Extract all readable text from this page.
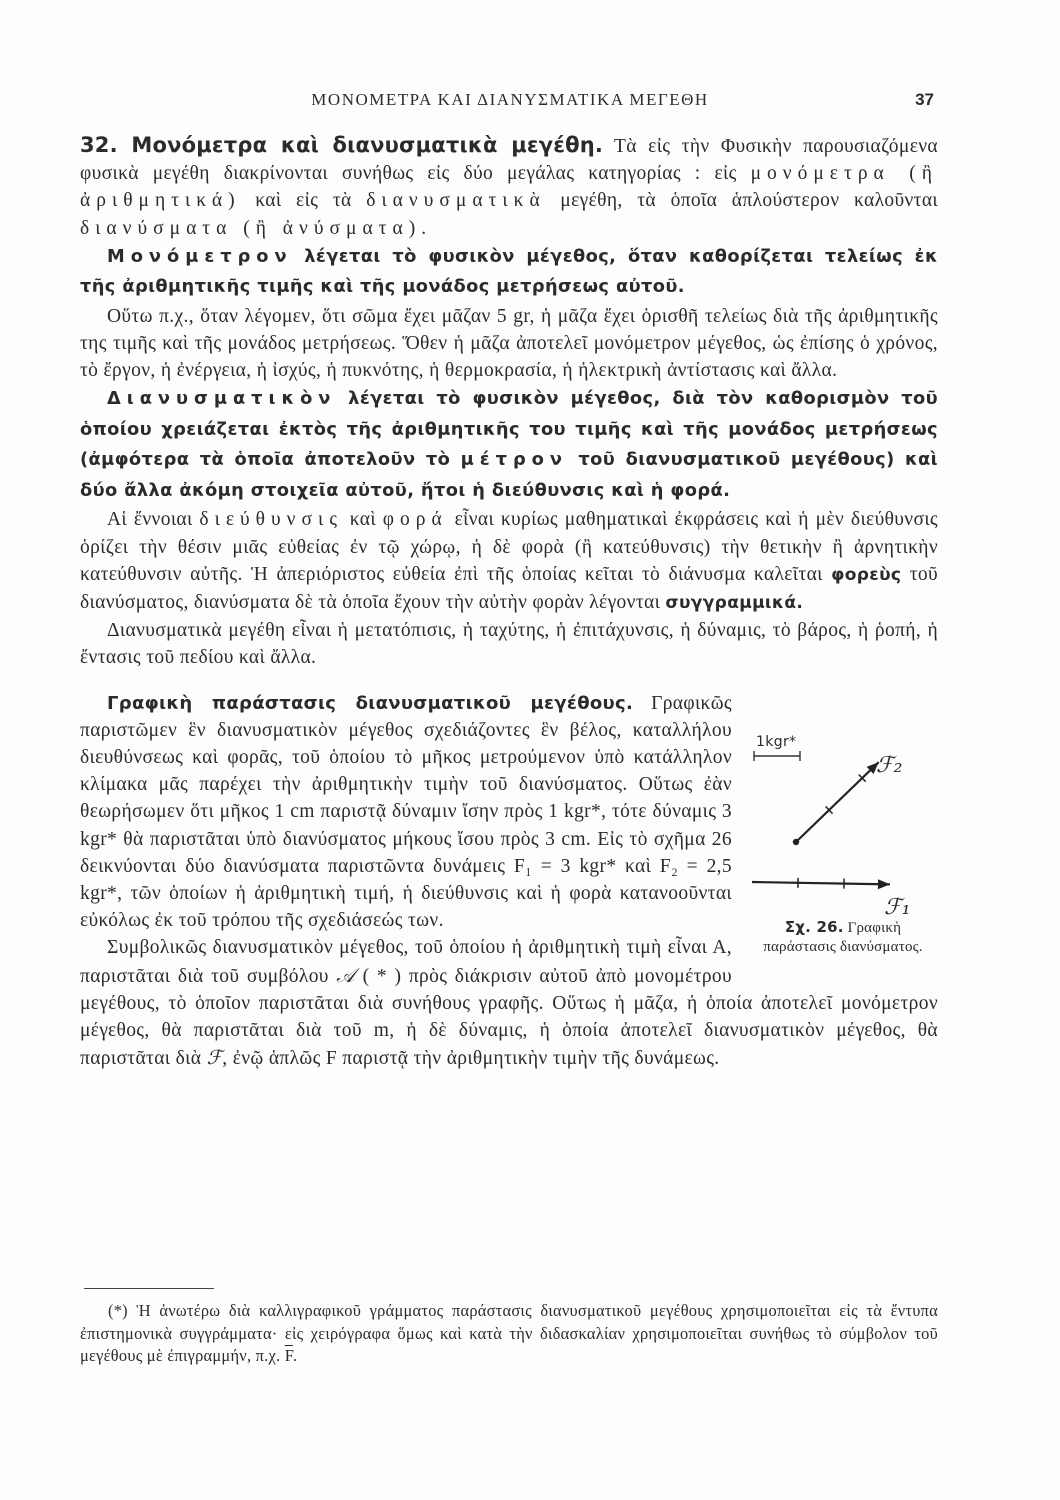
ΜΟΝΟΜΕΤΡΑ ΚΑΙ ΔΙΑΝΥΣΜΑΤΙΚΑ ΜΕΓΕΘΗ	37

32. Μονόμετρα καὶ διανυσματικὰ μεγέθη. Τὰ εἰς τὴν Φυσικὴν παρουσιαζόμενα φυσικὰ μεγέθη διακρίνονται συνήθως εἰς δύο μεγάλας κατηγορίας : εἰς μονόμετρα (ἢ ἀριθμητικά) καὶ εἰς τὰ διανυσματικὰ μεγέθη, τὰ ὁποῖα ἁπλούστερον καλοῦνται διανύσματα (ἢ ἀνύσματα).

Μονόμετρον λέγεται τὸ φυσικὸν μέγεθος, ὅταν καθορίζεται τελείως ἐκ τῆς ἀριθμητικῆς τιμῆς καὶ τῆς μονάδος μετρήσεως αὐτοῦ.

Οὕτω π.χ., ὅταν λέγομεν, ὅτι σῶμα ἔχει μᾶζαν 5 gr, ἡ μᾶζα ἔχει ὁρισθῆ τελείως διὰ τῆς ἀριθμητικῆς της τιμῆς καὶ τῆς μονάδος μετρήσεως. Ὅθεν ἡ μᾶζα ἀποτελεῖ μονόμετρον μέγεθος, ὡς ἐπίσης ὁ χρόνος, τὸ ἔργον, ἡ ἐνέργεια, ἡ ἰσχύς, ἡ πυκνότης, ἡ θερμοκρασία, ἡ ἠλεκτρικὴ ἀντίστασις καὶ ἄλλα.

Διανυσματικὸν λέγεται τὸ φυσικὸν μέγεθος, διὰ τὸν καθορισμὸν τοῦ ὁποίου χρειάζεται ἐκτὸς τῆς ἀριθμητικῆς του τιμῆς καὶ τῆς μονάδος μετρήσεως (ἀμφότερα τὰ ὁποῖα ἀποτελοῦν τὸ μέτρον τοῦ διανυσματικοῦ μεγέθους) καὶ δύο ἄλλα ἀκόμη στοιχεῖα αὐτοῦ, ἤτοι ἡ διεύθυνσις καὶ ἡ φορά.

Αἱ ἔννοιαι διεύθυνσις καὶ φορά εἶναι κυρίως μαθηματικαὶ ἐκφράσεις καὶ ἡ μὲν διεύθυνσις ὁρίζει τὴν θέσιν μιᾶς εὐθείας ἐν τῷ χώρῳ, ἡ δὲ φορὰ (ἢ κατεύθυνσις) τὴν θετικὴν ἢ ἀρνητικὴν κατεύθυνσιν αὐτῆς. Ἡ ἀπεριόριστος εὐθεία ἐπὶ τῆς ὁποίας κεῖται τὸ διάνυσμα καλεῖται φορεὺς τοῦ διανύσματος, διανύσματα δὲ τὰ ὁποῖα ἔχουν τὴν αὐτὴν φορὰν λέγονται συγγραμμικά.

Διανυσματικὰ μεγέθη εἶναι ἡ μετατόπισις, ἡ ταχύτης, ἡ ἐπιτάχυνσις, ἡ δύναμις, τὸ βάρος, ἡ ῥοπή, ἡ ἔντασις τοῦ πεδίου καὶ ἄλλα.

1kgr*
ℱ₂
ℱ₁
Σχ. 26. Γραφικὴ παράστασις διανύσματος.

Γραφικὴ παράστασις διανυσματικοῦ μεγέθους. Γραφικῶς παριστῶμεν ἓν διανυσματικὸν μέγεθος σχεδιάζοντες ἓν βέλος, καταλλήλου διευθύνσεως καὶ φορᾶς, τοῦ ὁποίου τὸ μῆκος μετρούμενον ὑπὸ κατάλληλον κλίμακα μᾶς παρέχει τὴν ἀριθμητικὴν τιμὴν τοῦ διανύσματος. Οὕτως ἐὰν θεωρήσωμεν ὅτι μῆκος 1 cm παριστᾷ δύναμιν ἴσην πρὸς 1 kgr*, τότε δύναμις 3 kgr* θὰ παριστᾶται ὑπὸ διανύσματος μήκους ἴσου πρὸς 3 cm. Εἰς τὸ σχῆμα 26 δεικνύονται δύο διανύσματα παριστῶντα δυνάμεις F₁ = 3 kgr* καὶ F₂ = 2,5 kgr*, τῶν ὁποίων ἡ ἀριθμητικὴ τιμή, ἡ διεύθυνσις καὶ ἡ φορὰ κατανοοῦνται εὐκόλως ἐκ τοῦ τρόπου τῆς σχεδιάσεώς των.

Συμβολικῶς διανυσματικὸν μέγεθος, τοῦ ὁποίου ἡ ἀριθμητικὴ τιμὴ εἶναι Α, παριστᾶται διὰ τοῦ συμβόλου 𝒜 ( * ) πρὸς διάκρισιν αὐτοῦ ἀπὸ μονομέτρου μεγέθους, τὸ ὁποῖον παριστᾶται διὰ συνήθους γραφῆς. Οὕτως ἡ μᾶζα, ἡ ὁποία ἀποτελεῖ μονόμετρον μέγεθος, θὰ παριστᾶται διὰ τοῦ m, ἡ δὲ δύναμις, ἡ ὁποία ἀποτελεῖ διανυσματικὸν μέγεθος, θὰ παριστᾶται διὰ ℱ, ἐνῷ ἁπλῶς F παριστᾷ τὴν ἀριθμητικὴν τιμὴν τῆς δυνάμεως.

(*) Ἡ ἀνωτέρω διὰ καλλιγραφικοῦ γράμματος παράστασις διανυσματικοῦ μεγέθους χρησιμοποιεῖται εἰς τὰ ἔντυπα ἐπιστημονικὰ συγγράμματα· εἰς χειρόγραφα ὅμως καὶ κατὰ τὴν διδασκαλίαν χρησιμοποιεῖται συνήθως τὸ σύμβολον τοῦ μεγέθους μὲ ἐπιγραμμήν, π.χ. $\overline{F}$.
